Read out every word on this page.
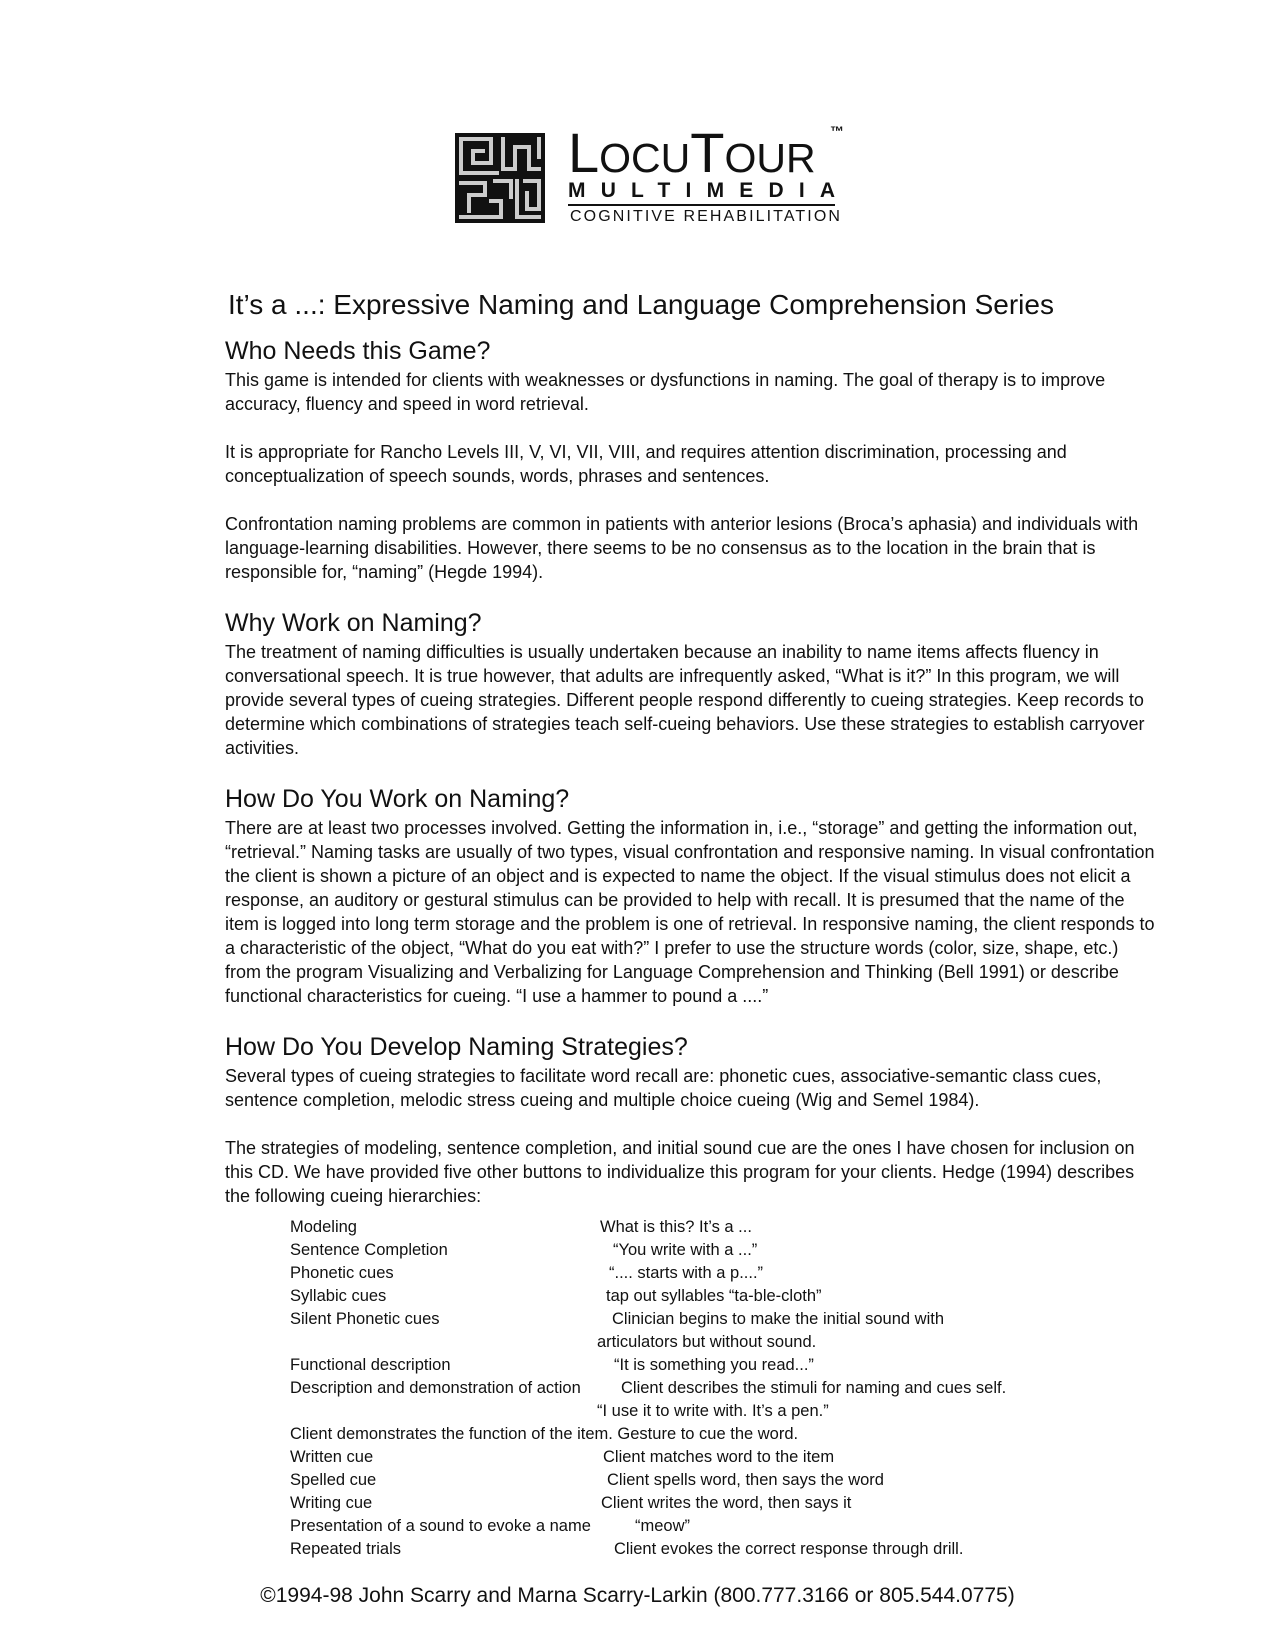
LOCUTOUR
™
MULTIMEDIA
COGNITIVE REHABILITATION
It’s a ...: Expressive Naming and Language Comprehension Series
Who Needs this Game?

This game is intended for clients with weaknesses or dysfunctions in naming. The goal of therapy is to improve accuracy, fluency and speed in word retrieval.

It is appropriate for Rancho Levels III, V, VI, VII, VIII, and requires attention discrimination, processing and conceptualization of speech sounds, words, phrases and sentences.

Confrontation naming problems are common in patients with anterior lesions (Broca’s aphasia) and individuals with language-learning disabilities. However, there seems to be no consensus as to the location in the brain that is responsible for, “naming” (Hegde 1994).

Why Work on Naming?

The treatment of naming difficulties is usually undertaken because an inability to name items affects fluency in conversational speech. It is true however, that adults are infrequently asked, “What is it?” In this program, we will provide several types of cueing strategies. Different people respond differently to cueing strategies. Keep records to determine which combinations of strategies teach self-cueing behaviors. Use these strategies to establish carryover activities.

How Do You Work on Naming?

There are at least two processes involved. Getting the information in, i.e., “storage” and getting the information out, “retrieval.” Naming tasks are usually of two types, visual confrontation and responsive naming. In visual confrontation the client is shown a picture of an object and is expected to name the object. If the visual stimulus does not elicit a response, an auditory or gestural stimulus can be provided to help with recall. It is presumed that the name of the item is logged into long term storage and the problem is one of retrieval. In responsive naming, the client responds to a characteristic of the object, “What do you eat with?” I prefer to use the structure words (color, size, shape, etc.) from the program Visualizing and Verbalizing for Language Comprehension and Thinking (Bell 1991) or describe functional characteristics for cueing. “I use a hammer to pound a ....”

How Do You Develop Naming Strategies?

Several types of cueing strategies to facilitate word recall are: phonetic cues, associative-semantic class cues, sentence completion, melodic stress cueing and multiple choice cueing (Wig and Semel 1984).

The strategies of modeling, sentence completion, and initial sound cue are the ones I have chosen for inclusion on this CD. We have provided five other buttons to individualize this program for your clients. Hedge (1994) describes the following cueing hierarchies:

Modeling	What is this? It’s a ...
Sentence Completion	“You write with a ...”
Phonetic cues	“.... starts with a p....”
Syllabic cues	tap out syllables “ta-ble-cloth”
Silent Phonetic cues	Clinician begins to make the initial sound with
articulators but without sound.
Functional description	“It is something you read...”
Description and demonstration of action	Client describes the stimuli for naming and cues self.
“I use it to write with. It’s a pen.”
Client demonstrates the function of the item. Gesture to cue the word.
Written cue	Client matches word to the item
Spelled cue	Client spells word, then says the word
Writing cue	Client writes the word, then says it
Presentation of a sound to evoke a name	“meow”
Repeated trials	Client evokes the correct response through drill.
©1994-98 John Scarry and Marna Scarry-Larkin (800.777.3166 or 805.544.0775)
